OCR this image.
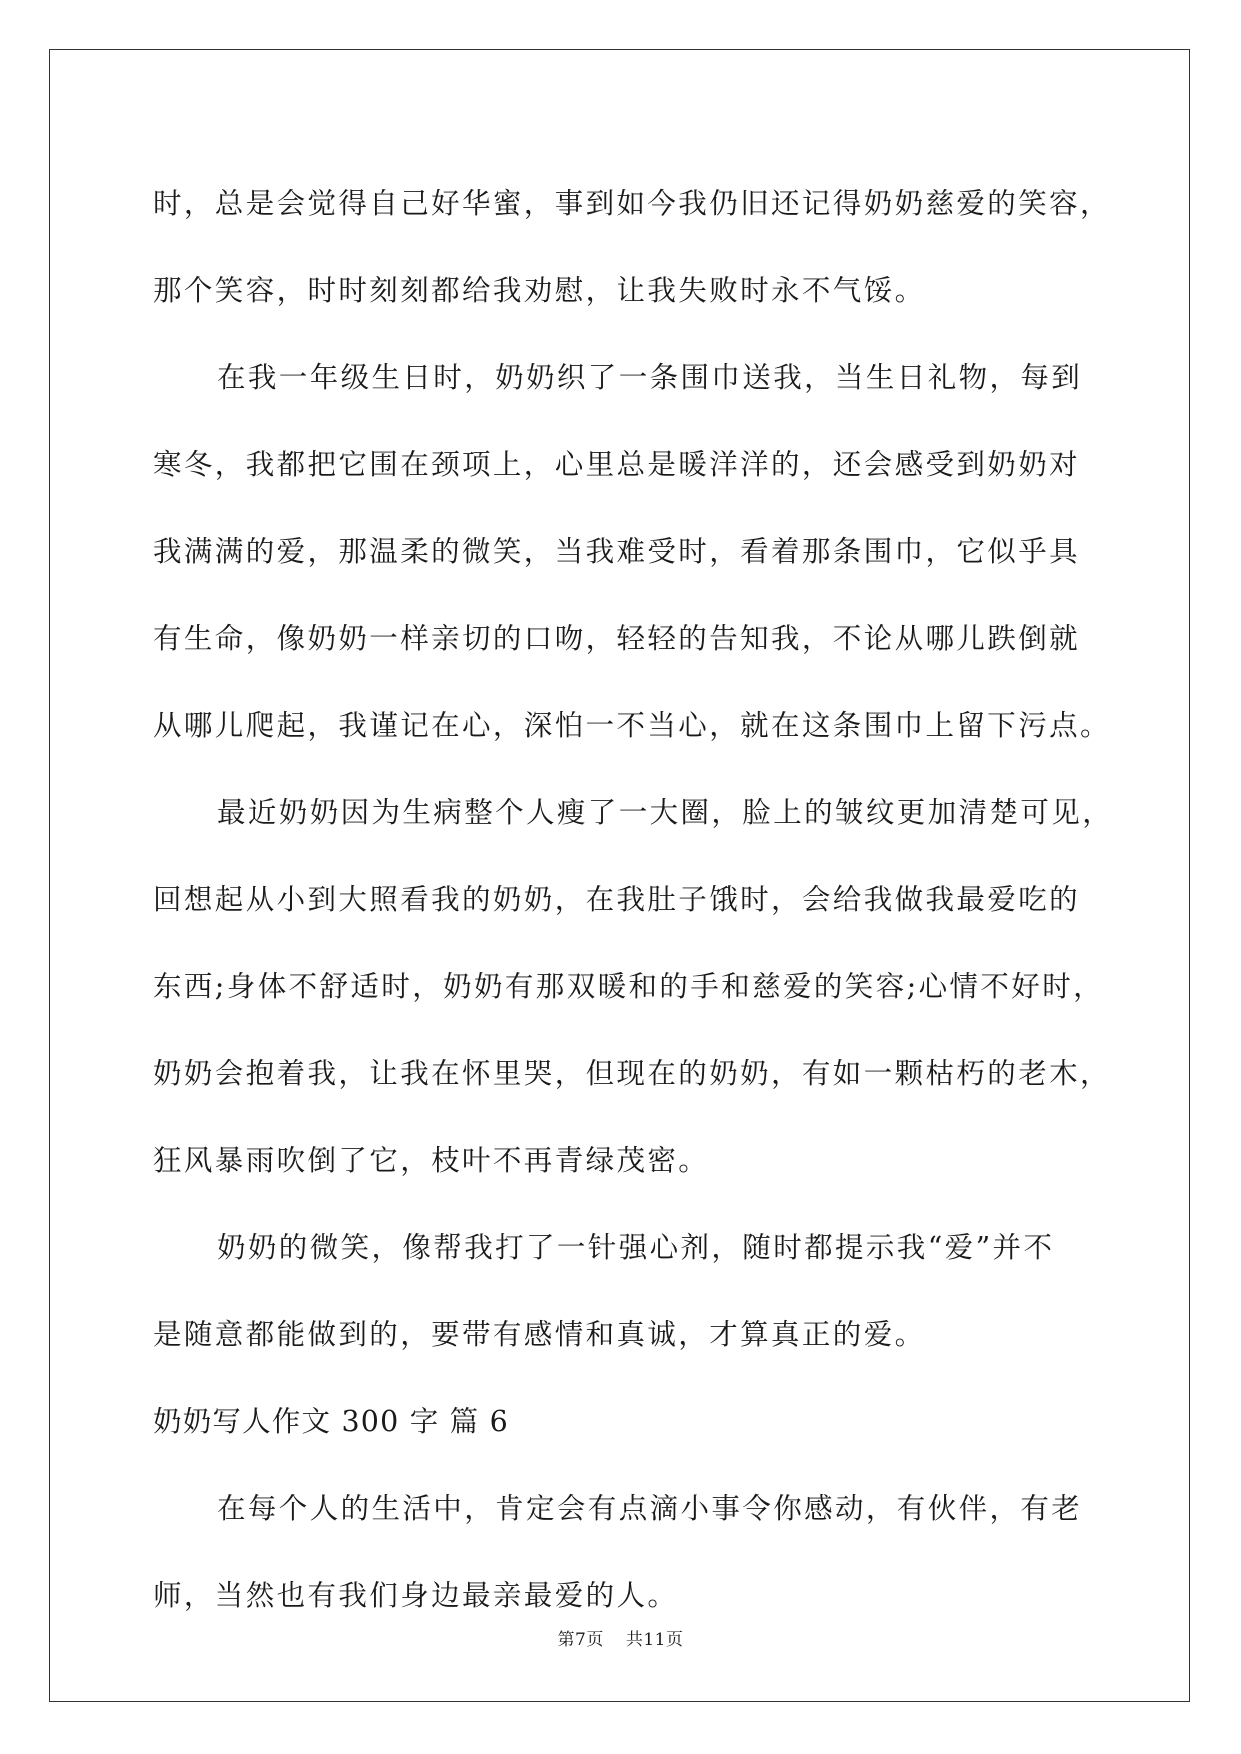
时，总是会觉得自己好华蜜，事到如今我仍旧还记得奶奶慈爱的笑容，

那个笑容，时时刻刻都给我劝慰，让我失败时永不气馁。

在我一年级生日时，奶奶织了一条围巾送我，当生日礼物，每到

寒冬，我都把它围在颈项上，心里总是暖洋洋的，还会感受到奶奶对

我满满的爱，那温柔的微笑，当我难受时，看着那条围巾，它似乎具

有生命，像奶奶一样亲切的口吻，轻轻的告知我，不论从哪儿跌倒就

从哪儿爬起，我谨记在心，深怕一不当心，就在这条围巾上留下污点。

最近奶奶因为生病整个人瘦了一大圈，脸上的皱纹更加清楚可见，

回想起从小到大照看我的奶奶，在我肚子饿时，会给我做我最爱吃的

东西;身体不舒适时，奶奶有那双暖和的手和慈爱的笑容;心情不好时，

奶奶会抱着我，让我在怀里哭，但现在的奶奶，有如一颗枯朽的老木，

狂风暴雨吹倒了它，枝叶不再青绿茂密。

奶奶的微笑，像帮我打了一针强心剂，随时都提示我“爱”并不

是随意都能做到的，要带有感情和真诚，才算真正的爱。

奶奶写人作文 300 字 篇 6

在每个人的生活中，肯定会有点滴小事令你感动，有伙伴，有老

师，当然也有我们身边最亲最爱的人。

第7页 共11页
